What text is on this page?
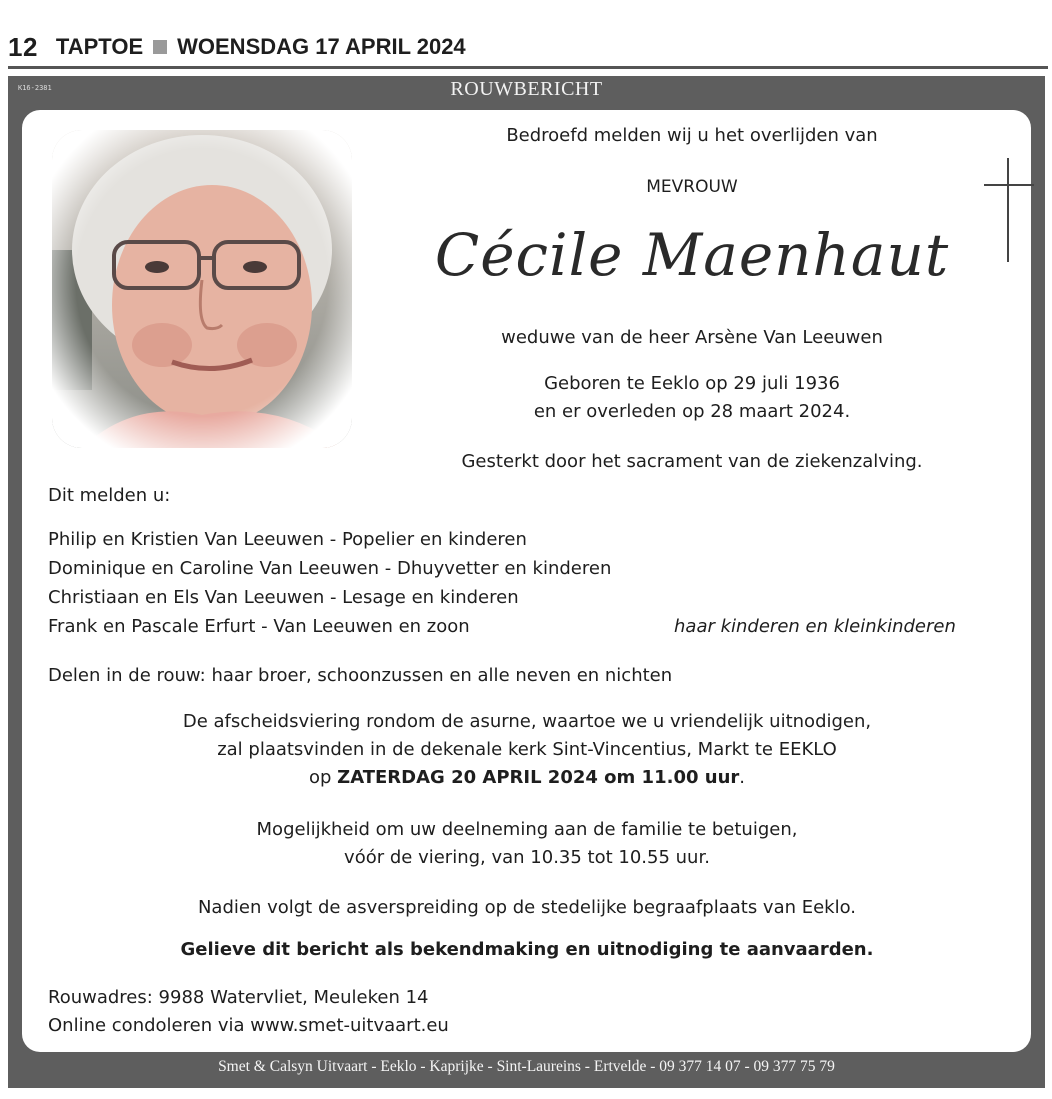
12 TAPTOE WOENSDAG 17 APRIL 2024
K16-2381	ROUWBERICHT
Bedroefd melden wij u het overlijden van
MEVROUW
Cécile Maenhaut
weduwe van de heer Arsène Van Leeuwen
Geboren te Eeklo op 29 juli 1936
en er overleden op 28 maart 2024.
Gesterkt door het sacrament van de ziekenzalving.
Dit melden u:
Philip en Kristien Van Leeuwen - Popelier en kinderen
Dominique en Caroline Van Leeuwen - Dhuyvetter en kinderen
Christiaan en Els Van Leeuwen - Lesage en kinderen
Frank en Pascale Erfurt - Van Leeuwen en zoon	haar kinderen en kleinkinderen
Delen in de rouw: haar broer, schoonzussen en alle neven en nichten
De afscheidsviering rondom de asurne, waartoe we u vriendelijk uitnodigen,
zal plaatsvinden in de dekenale kerk Sint-Vincentius, Markt te EEKLO
op ZATERDAG 20 APRIL 2024 om 11.00 uur.
Mogelijkheid om uw deelneming aan de familie te betuigen,
vóór de viering, van 10.35 tot 10.55 uur.
Nadien volgt de asverspreiding op de stedelijke begraafplaats van Eeklo.
Gelieve dit bericht als bekendmaking en uitnodiging te aanvaarden.
Rouwadres: 9988 Watervliet, Meuleken 14
Online condoleren via www.smet-uitvaart.eu
Smet & Calsyn Uitvaart - Eeklo - Kaprijke - Sint-Laureins - Ertvelde - 09 377 14 07 - 09 377 75 79
